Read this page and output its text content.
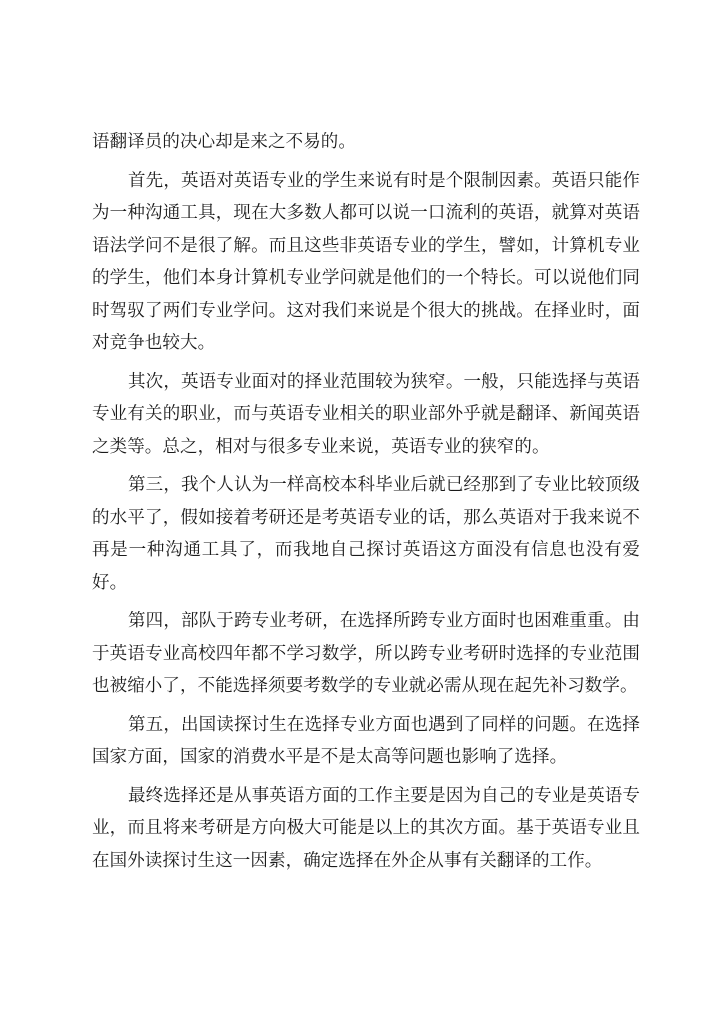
语翻译员的决心却是来之不易的。

首先，英语对英语专业的学生来说有时是个限制因素。英语只能作为一种沟通工具，现在大多数人都可以说一口流利的英语，就算对英语语法学问不是很了解。而且这些非英语专业的学生，譬如，计算机专业的学生，他们本身计算机专业学问就是他们的一个特长。可以说他们同时驾驭了两们专业学问。这对我们来说是个很大的挑战。在择业时，面对竞争也较大。

其次，英语专业面对的择业范围较为狭窄。一般，只能选择与英语专业有关的职业，而与英语专业相关的职业部外乎就是翻译、新闻英语之类等。总之，相对与很多专业来说，英语专业的狭窄的。

第三，我个人认为一样高校本科毕业后就已经那到了专业比较顶级的水平了，假如接着考研还是考英语专业的话，那么英语对于我来说不再是一种沟通工具了，而我地自己探讨英语这方面没有信息也没有爱好。

第四，部队于跨专业考研，在选择所跨专业方面时也困难重重。由于英语专业高校四年都不学习数学，所以跨专业考研时选择的专业范围也被缩小了，不能选择须要考数学的专业就必需从现在起先补习数学。

第五，出国读探讨生在选择专业方面也遇到了同样的问题。在选择国家方面，国家的消费水平是不是太高等问题也影响了选择。

最终选择还是从事英语方面的工作主要是因为自己的专业是英语专业，而且将来考研是方向极大可能是以上的其次方面。基于英语专业且在国外读探讨生这一因素，确定选择在外企从事有关翻译的工作。
